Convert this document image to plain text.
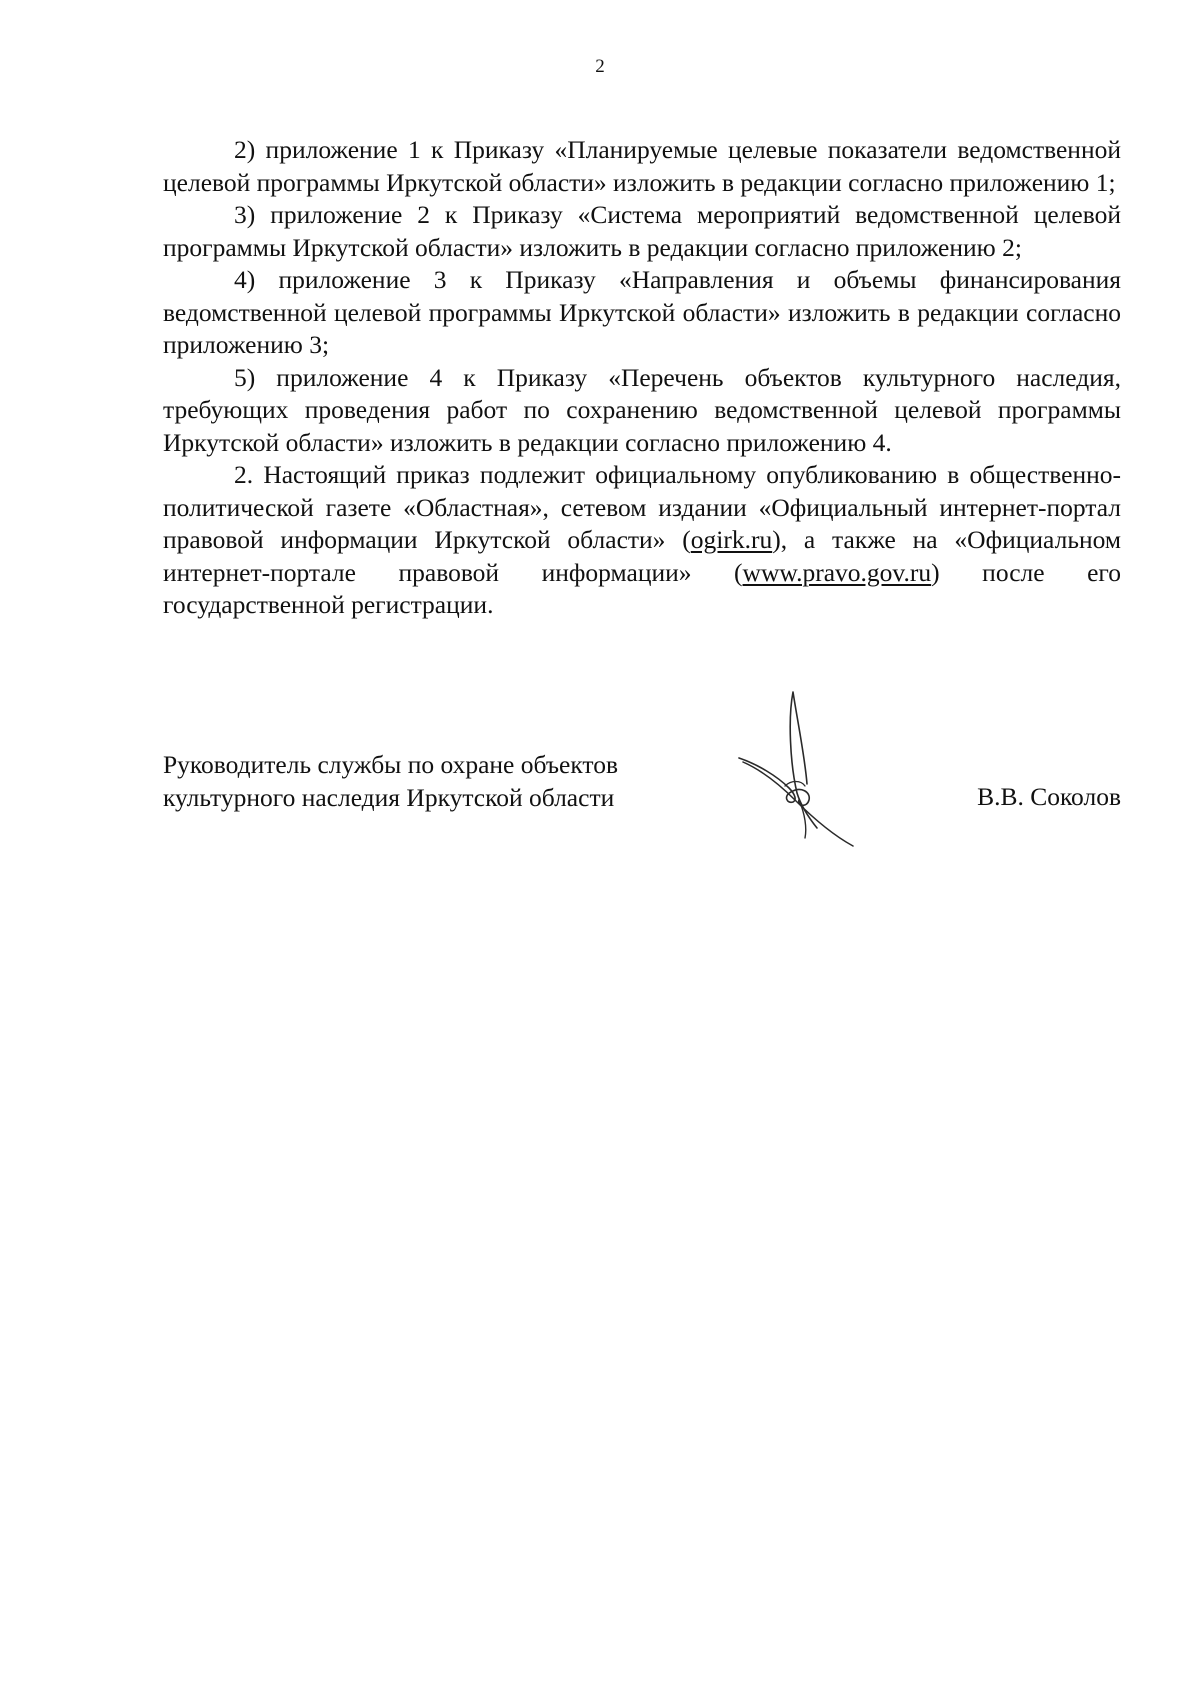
2

2) приложение 1 к Приказу «Планируемые целевые показатели ведомственной целевой программы Иркутской области» изложить в редакции согласно приложению 1;

3) приложение 2 к Приказу «Система мероприятий ведомственной целевой программы Иркутской области» изложить в редакции согласно приложению 2;

4) приложение 3 к Приказу «Направления и объемы финансирования ведомственной целевой программы Иркутской области» изложить в редакции согласно приложению 3;

5) приложение 4 к Приказу «Перечень объектов культурного наследия, требующих проведения работ по сохранению ведомственной целевой программы Иркутской области» изложить в редакции согласно приложению 4.

2. Настоящий приказ подлежит официальному опубликованию в общественно-политической газете «Областная», сетевом издании «Официальный интернет-портал правовой информации Иркутской области» (ogirk.ru), а также на «Официальном интернет-портале правовой информации» (www.pravo.gov.ru) после его государственной регистрации.

Руководитель службы по охране объектов
культурного наследия Иркутской области	В.В. Соколов
